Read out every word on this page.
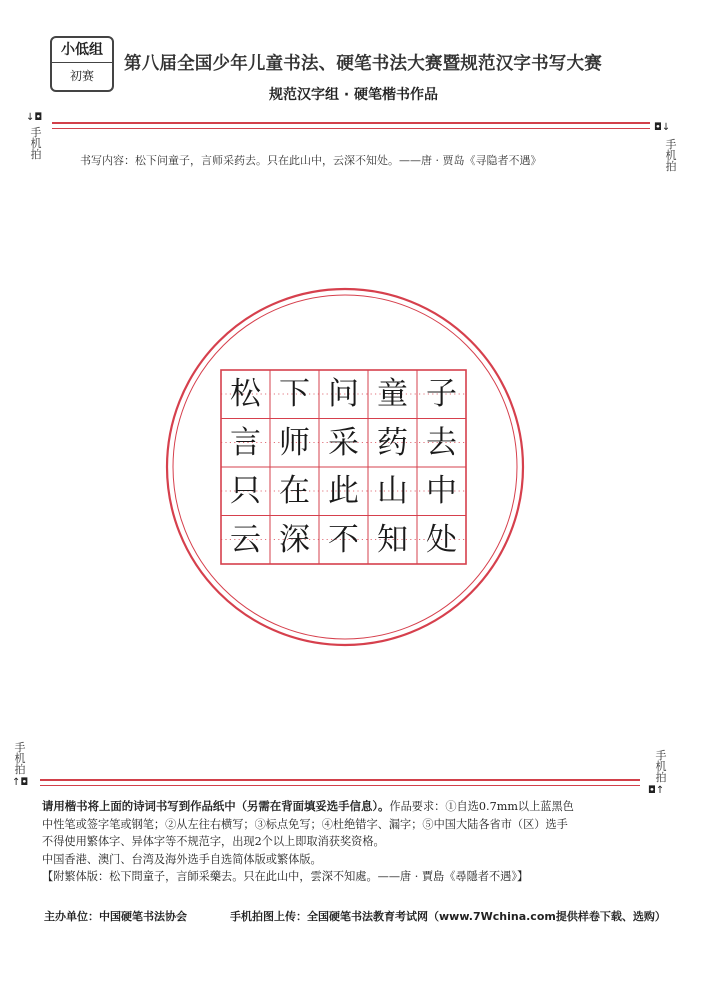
小低组
初赛
第八届全国少年儿童书法、硬笔书法大赛暨规范汉字书写大赛
规范汉字组 · 硬笔楷书作品
↓◘
手
机
拍
◘↓
手
机
拍
书写内容：松下问童子，言师采药去。只在此山中，云深不知处。——唐 · 贾岛《寻隐者不遇》
松 下 问 童 子
言 师 采 药 去
只 在 此 山 中
云 深 不 知 处
手
机
拍
↑◘
手
机
拍
◘↑
请用楷书将上面的诗词书写到作品纸中（另需在背面填妥选手信息）。作品要求：①自选0.7mm以上蓝黑色
中性笔或签字笔或钢笔；②从左往右横写；③标点免写；④杜绝错字、漏字；⑤中国大陆各省市（区）选手
不得使用繁体字、异体字等不规范字，出现2个以上即取消获奖资格。
中国香港、澳门、台湾及海外选手自选简体版或繁体版。
【附繁体版：松下問童子，言師采藥去。只在此山中，雲深不知處。——唐 · 賈島《尋隱者不遇》】
主办单位：中国硬笔书法协会	手机拍图上传：全国硬笔书法教育考试网（www.7Wchina.com提供样卷下载、选购）
